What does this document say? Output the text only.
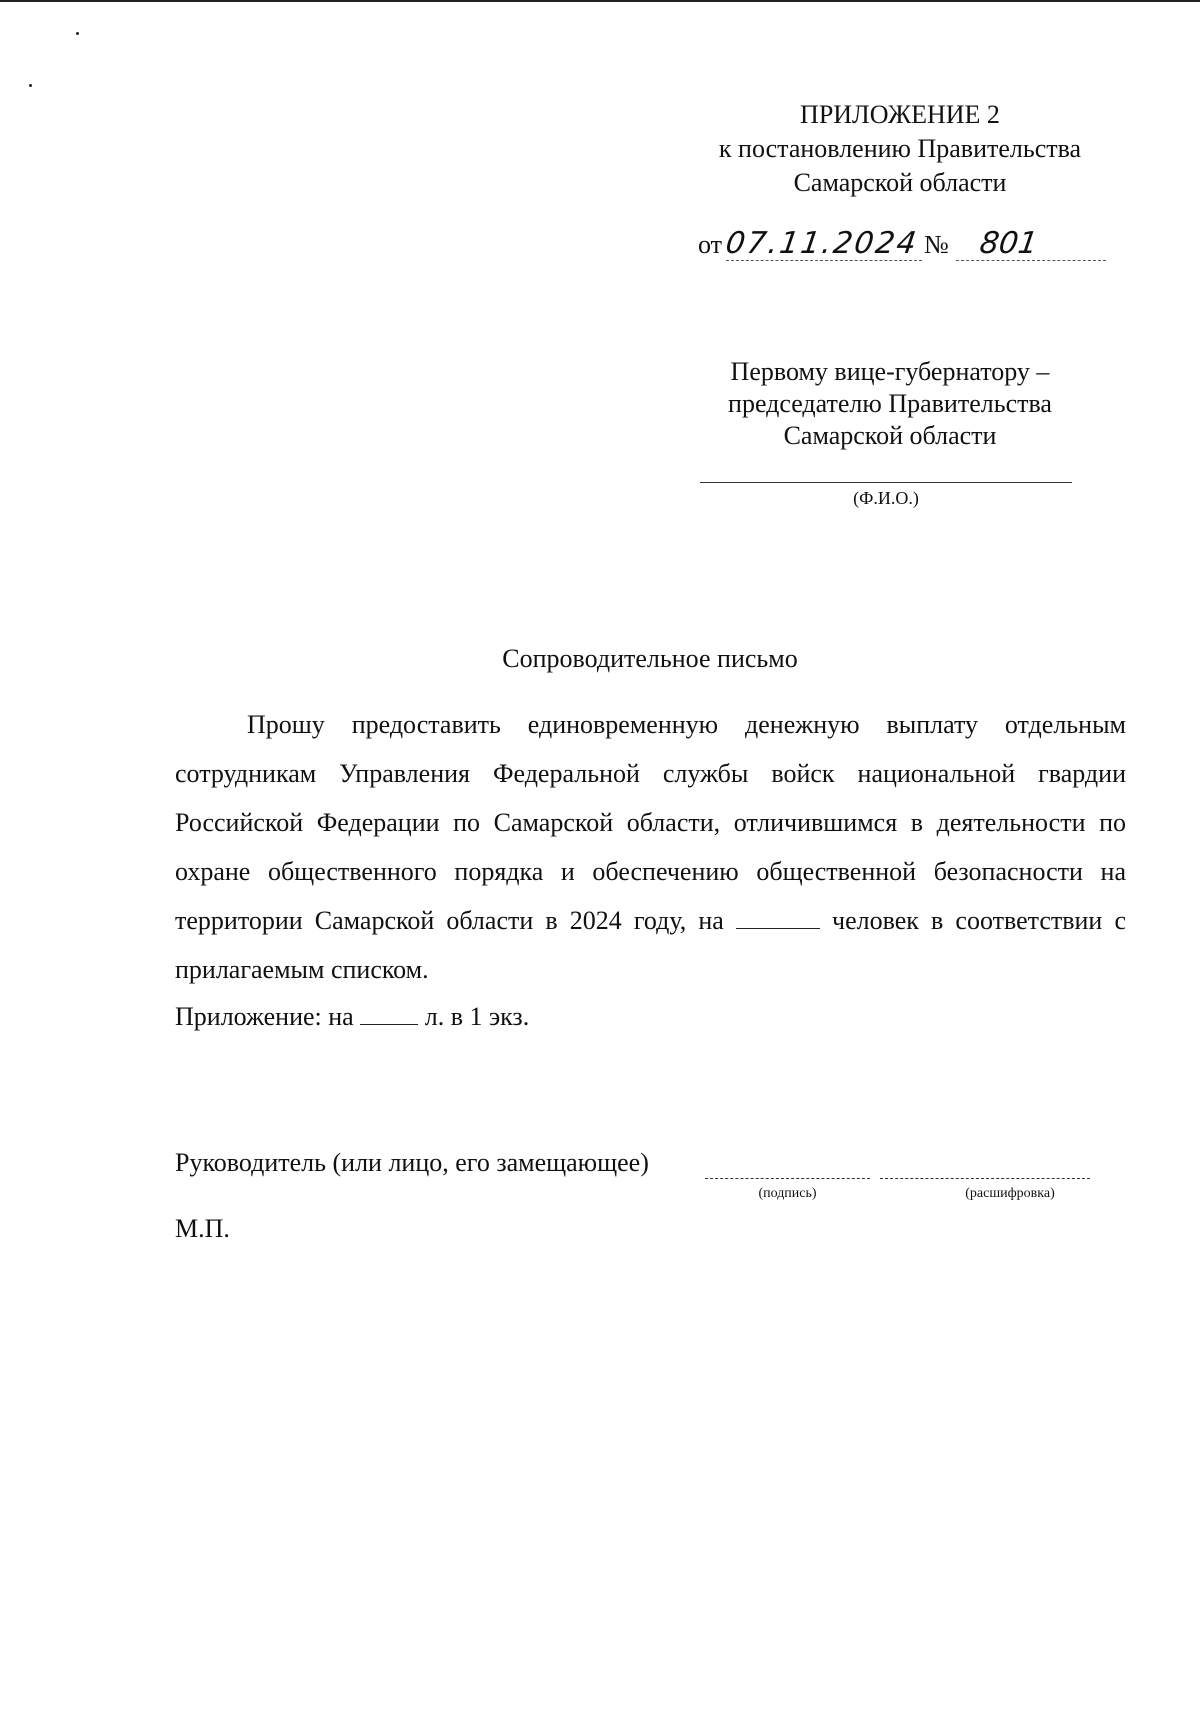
ПРИЛОЖЕНИЕ 2
к постановлению Правительства
Самарской области
от 07.11.2024 № 801
Первому вице-губернатору –
председателю Правительства
Самарской области
(Ф.И.О.)
Сопроводительное письмо
Прошу предоставить единовременную денежную выплату отдельным сотрудникам Управления Федеральной службы войск национальной гвардии Российской Федерации по Самарской области, отличившимся в деятельности по охране общественного порядка и обеспечению общественной безопасности на территории Самарской области в 2024 году, на	человек в соответствии с прилагаемым списком.
Приложение: на	л. в 1 экз.
Руководитель (или лицо, его замещающее)
(подпись)	(расшифровка)
М.П.
